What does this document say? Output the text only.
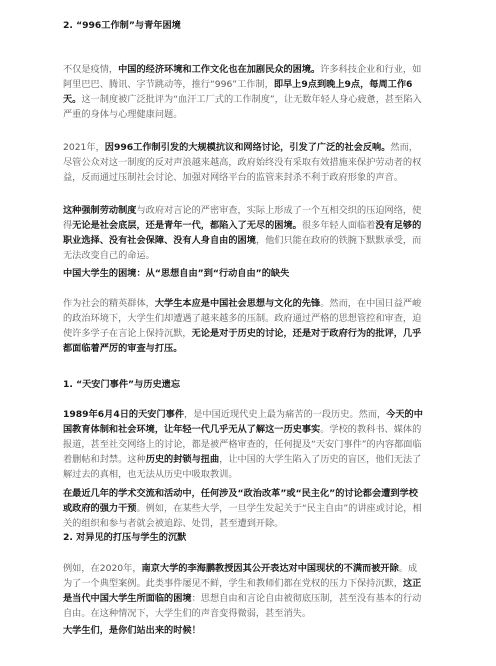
2. “996工作制”与青年困境
不仅是疫情，中国的经济环境和工作文化也在加剧民众的困境。许多科技企业和行业，如阿里巴巴、腾讯、字节跳动等，推行“996”工作制，即早上9点到晚上9点，每周工作6天。这一制度被广泛批评为“血汗工厂式的工作制度”，让无数年轻人身心疲惫，甚至陷入严重的身体与心理健康问题。
2021年，因996工作制引发的大规模抗议和网络讨论，引发了广泛的社会反响。然而，尽管公众对这一制度的反对声浪越来越高，政府始终没有采取有效措施来保护劳动者的权益，反而通过压制社会讨论、加强对网络平台的监管来封杀不利于政府形象的声音。
这种强制劳动制度与政府对言论的严密审查，实际上形成了一个互相交织的压迫网络，使得无论是社会底层，还是青年一代，都陷入了无尽的困境。很多年轻人面临着没有足够的职业选择、没有社会保障、没有人身自由的困境，他们只能在政府的铁腕下默默承受，而无法改变自己的命运。
中国大学生的困境：从“思想自由”到“行动自由”的缺失
作为社会的精英群体，大学生本应是中国社会思想与文化的先锋。然而，在中国日益严峻的政治环境下，大学生们却遭遇了越来越多的压制。政府通过严格的思想管控和审查，迫使许多学子在言论上保持沉默，无论是对于历史的讨论，还是对于政府行为的批评，几乎都面临着严厉的审查与打压。
1. “天安门事件”与历史遗忘
1989年6月4日的天安门事件，是中国近现代史上最为痛苦的一段历史。然而，今天的中国教育体制和社会环境，让年轻一代几乎无从了解这一历史事实。学校的教科书、媒体的报道，甚至社交网络上的讨论，都是被严格审查的，任何提及“天安门事件”的内容都面临着删帖和封禁。这种历史的封锁与扭曲，让中国的大学生陷入了历史的盲区，他们无法了解过去的真相，也无法从历史中吸取教训。
在最近几年的学术交流和活动中，任何涉及“政治改革”或“民主化”的讨论都会遭到学校或政府的强力干预。例如，在某些大学，一旦学生发起关于“民主自由”的讲座或讨论，相关的组织和参与者就会被追踪、处罚，甚至遭到开除。
2. 对异见的打压与学生的沉默
例如，在2020年，南京大学的李海鹏教授因其公开表达对中国现状的不满而被开除。成为了一个典型案例。此类事件屡见不鲜，学生和教师们都在党权的压力下保持沉默，这正是当代中国大学生所面临的困境：思想自由和言论自由被彻底压制，甚至没有基本的行动自由。在这种情况下，大学生们的声音变得微弱，甚至消失。
大学生们，是你们站出来的时候！
